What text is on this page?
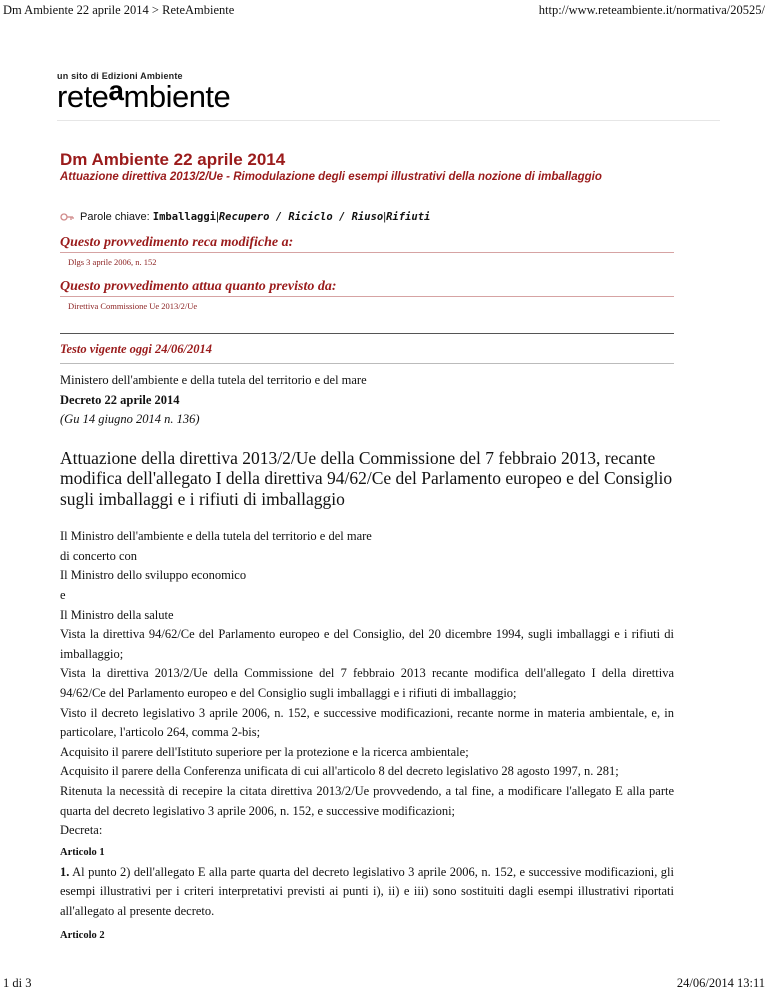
Dm Ambiente 22 aprile 2014 > ReteAmbiente	http://www.reteambiente.it/normativa/20525/
un sito di Edizioni Ambiente
reteambiente
Dm Ambiente 22 aprile 2014
Attuazione direttiva 2013/2/Ue - Rimodulazione degli esempi illustrativi della nozione di imballaggio
Parole chiave:
Imballaggi | Recupero / Riciclo / Riuso | Rifiuti
Questo provvedimento reca modifiche a:
Dlgs 3 aprile 2006, n. 152
Questo provvedimento attua quanto previsto da:
Direttiva Commissione Ue 2013/2/Ue
Testo vigente oggi 24/06/2014

Ministero dell'ambiente e della tutela del territorio e del mare

Decreto 22 aprile 2014

(Gu 14 giugno 2014 n. 136)

Attuazione della direttiva 2013/2/Ue della Commissione del 7 febbraio 2013, recante modifica dell'allegato I della direttiva 94/62/Ce del Parlamento europeo e del Consiglio sugli imballaggi e i rifiuti di imballaggio

Il Ministro dell'ambiente e della tutela del territorio e del mare

di concerto con

Il Ministro dello sviluppo economico

e

Il Ministro della salute

Vista la direttiva 94/62/Ce del Parlamento europeo e del Consiglio, del 20 dicembre 1994, sugli imballaggi e i rifiuti di imballaggio;

Vista la direttiva 2013/2/Ue della Commissione del 7 febbraio 2013 recante modifica dell'allegato I della direttiva 94/62/Ce del Parlamento europeo e del Consiglio sugli imballaggi e i rifiuti di imballaggio;

Visto il decreto legislativo 3 aprile 2006, n. 152, e successive modificazioni, recante norme in materia ambientale, e, in particolare, l'articolo 264, comma 2-bis;

Acquisito il parere dell'Istituto superiore per la protezione e la ricerca ambientale;

Acquisito il parere della Conferenza unificata di cui all'articolo 8 del decreto legislativo 28 agosto 1997, n. 281;

Ritenuta la necessità di recepire la citata direttiva 2013/2/Ue provvedendo, a tal fine, a modificare l'allegato E alla parte quarta del decreto legislativo 3 aprile 2006, n. 152, e successive modificazioni;

Decreta:

Articolo 1
1. Al punto 2) dell'allegato E alla parte quarta del decreto legislativo 3 aprile 2006, n. 152, e successive modificazioni, gli esempi illustrativi per i criteri interpretativi previsti ai punti i), ii) e iii) sono sostituiti dagli esempi illustrativi riportati all'allegato al presente decreto.
Articolo 2
1 di 3	24/06/2014 13:11
